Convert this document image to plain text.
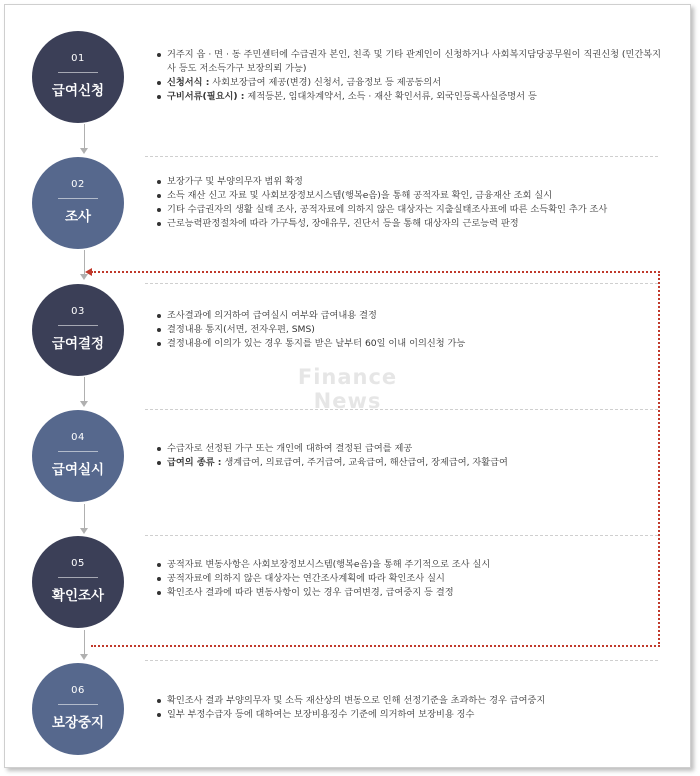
01
급여신청
거주지 읍 · 면 · 동 주민센터에 수급권자 본인, 친족 및 기타 관계인이 신청하거나 사회복지담당공무원이 직권신청 (민간복지사 등도 저소득가구 보장의뢰 가능)
신청서식 : 사회보장급여 제공(변경) 신청서, 금융정보 등 제공동의서
구비서류(필요시) : 제적등본, 임대차계약서, 소득 · 재산 확인서류, 외국인등록사실증명서 등
02
조사
보장가구 및 부양의무자 범위 확정
소득 재산 신고 자료 및 사회보장정보시스템(행복e음)을 통해 공적자료 확인, 금융재산 조회 실시
기타 수급권자의 생활 실태 조사, 공적자료에 의하지 않은 대상자는 지출실태조사표에 따른 소득확인 추가 조사
근로능력판정절차에 따라 가구특성, 장애유무, 진단서 등을 통해 대상자의 근로능력 판정
03
급여결정
조사결과에 의거하여 급여실시 여부와 급여내용 결정
결정내용 통지(서면, 전자우편, SMS)
결정내용에 이의가 있는 경우 통지를 받은 날부터 60일 이내 이의신청 가능
04
급여실시
수급자로 선정된 가구 또는 개인에 대하여 결정된 급여를 제공
급여의 종류 : 생계급여, 의료급여, 주거급여, 교육급여, 해산급여, 장제급여, 자활급여
05
확인조사
공적자료 변동사항은 사회보장정보시스템(행복e음)을 통해 주기적으로 조사 실시
공적자료에 의하지 않은 대상자는 연간조사계획에 따라 확인조사 실시
확인조사 결과에 따라 변동사항이 있는 경우 급여변경, 급여중지 등 결정
06
보장중지
확인조사 결과 부양의무자 및 소득 재산상의 변동으로 인해 선정기준을 초과하는 경우 급여중지
일부 부정수급자 등에 대하여는 보장비용징수 기준에 의거하여 보장비용 징수
Finance
News
